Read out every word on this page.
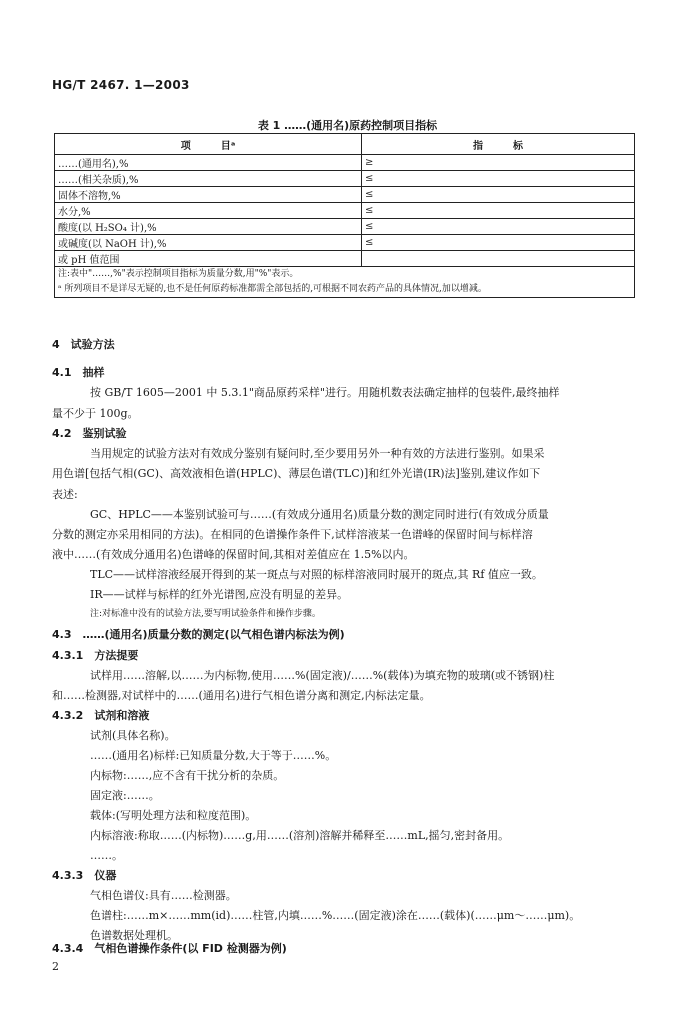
HG/T 2467. 1—2003
表 1 ……(通用名)原药控制项目指标
项　　　目ᵃ	指　　　标	
……(通用名),%	≥	
……(相关杂质),%	≤	
固体不溶物,%	≤	
水分,%	≤	
酸度(以 H₂SO₄ 计),%	≤	
或碱度(以 NaOH 计),%	≤	
或 pH 值范围		

注:表中"……,%"表示控制项目指标为质量分数,用"%"表示。
ᵃ 所列项目不是详尽无疑的,也不是任何原药标准都需全部包括的,可根据不同农药产品的具体情况,加以增减。		
4　试验方法
4.1　抽样
按 GB/T 1605—2001 中 5.3.1"商品原药采样"进行。用随机数表法确定抽样的包装件,最终抽样
量不少于 100g。
4.2　鉴别试验
当用规定的试验方法对有效成分鉴别有疑问时,至少要用另外一种有效的方法进行鉴别。如果采
用色谱[包括气相(GC)、高效液相色谱(HPLC)、薄层色谱(TLC)]和红外光谱(IR)法]鉴别,建议作如下
表述:
GC、HPLC——本鉴别试验可与……(有效成分通用名)质量分数的测定同时进行(有效成分质量
分数的测定亦采用相同的方法)。在相同的色谱操作条件下,试样溶液某一色谱峰的保留时间与标样溶
液中……(有效成分通用名)色谱峰的保留时间,其相对差值应在 1.5%以内。
TLC——试样溶液经展开得到的某一斑点与对照的标样溶液同时展开的斑点,其 Rf 值应一致。
IR——试样与标样的红外光谱图,应没有明显的差异。
注:对标准中没有的试验方法,要写明试验条件和操作步骤。
4.3　……(通用名)质量分数的测定(以气相色谱内标法为例)
4.3.1　方法提要
试样用……溶解,以……为内标物,使用……%(固定液)/……%(载体)为填充物的玻璃(或不锈钢)柱
和……检测器,对试样中的……(通用名)进行气相色谱分离和测定,内标法定量。
4.3.2　试剂和溶液
试剂(具体名称)。
……(通用名)标样:已知质量分数,大于等于……%。
内标物:……,应不含有干扰分析的杂质。
固定液:……。
载体:(写明处理方法和粒度范围)。
内标溶液:称取……(内标物)……g,用……(溶剂)溶解并稀释至……mL,摇匀,密封备用。
……。
4.3.3　仪器
气相色谱仪:具有……检测器。
色谱柱:……m×……mm(id)……柱管,内填……%……(固定液)涂在……(载体)(……μm～……μm)。
色谱数据处理机。
4.3.4　气相色谱操作条件(以 FID 检测器为例)
2
